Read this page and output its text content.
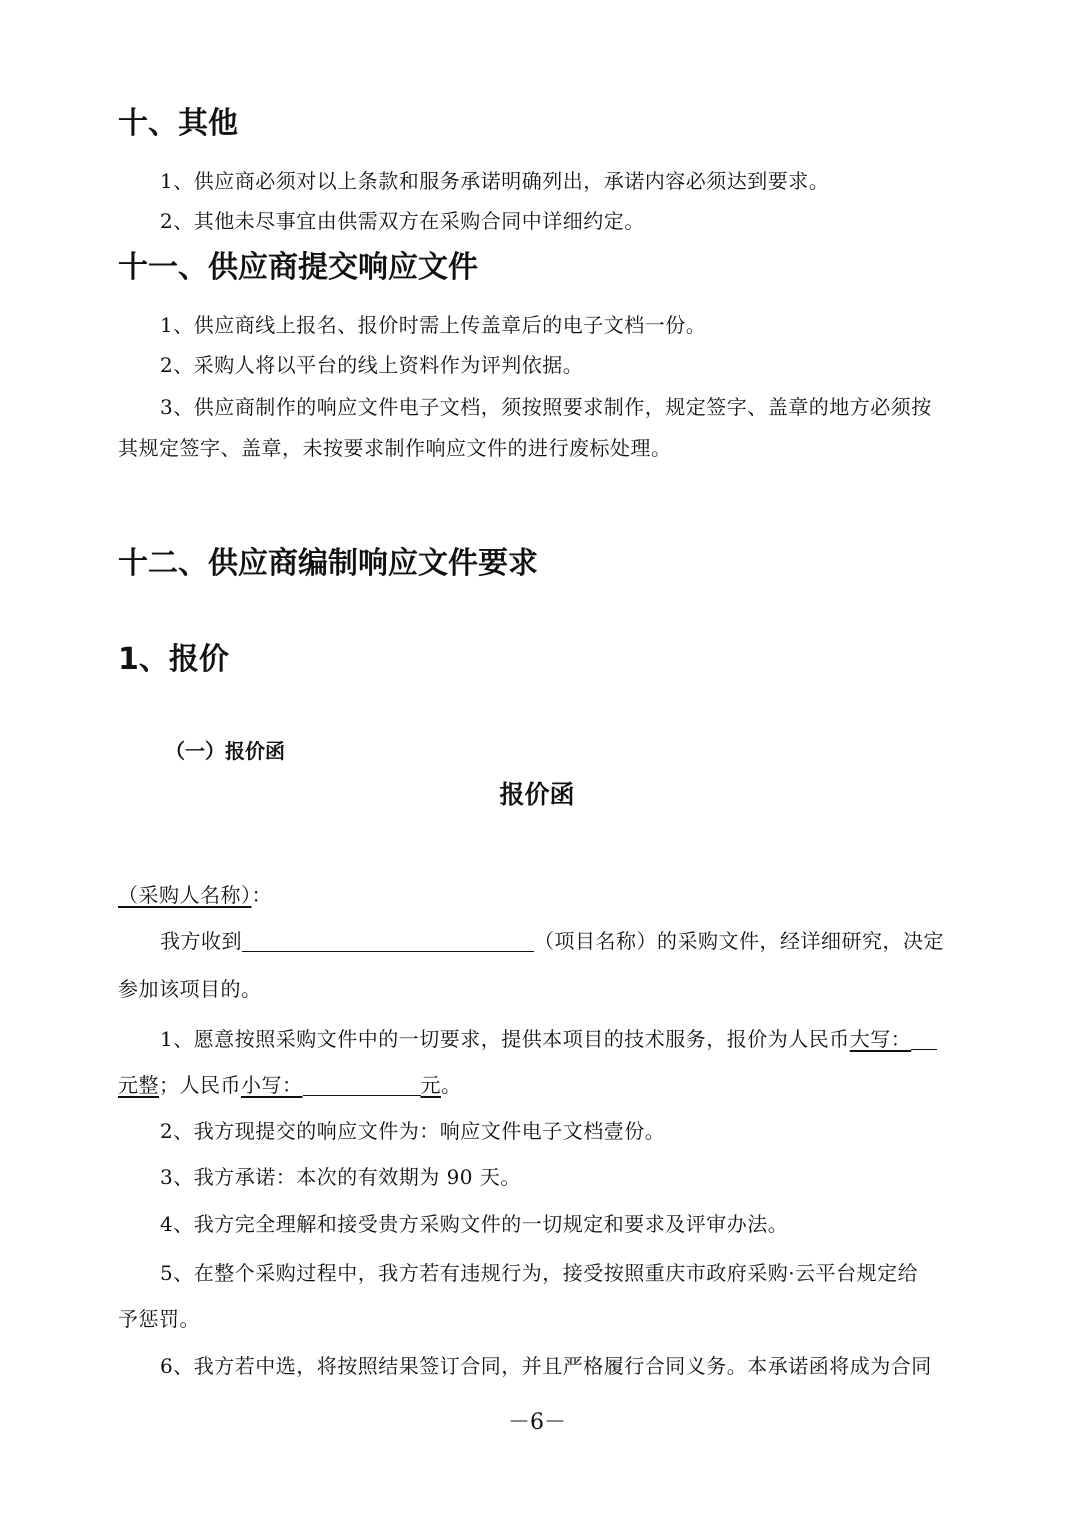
十、其他
1、供应商必须对以上条款和服务承诺明确列出，承诺内容必须达到要求。
2、其他未尽事宜由供需双方在采购合同中详细约定。
十一、供应商提交响应文件
1、供应商线上报名、报价时需上传盖章后的电子文档一份。
2、采购人将以平台的线上资料作为评判依据。
3、供应商制作的响应文件电子文档，须按照要求制作，规定签字、盖章的地方必须按
其规定签字、盖章，未按要求制作响应文件的进行废标处理。
十二、供应商编制响应文件要求
1、报价
（一）报价函
报价函
（采购人名称）：
我方收到	（项目名称）的采购文件，经详细研究，决定
参加该项目的。
1、愿意按照采购文件中的一切要求，提供本项目的技术服务，报价为人民币大写：
元整；人民币小写：	元。
2、我方现提交的响应文件为：响应文件电子文档壹份。
3、我方承诺：本次的有效期为 90 天。
4、我方完全理解和接受贵方采购文件的一切规定和要求及评审办法。
5、在整个采购过程中，我方若有违规行为，接受按照重庆市政府采购·云平台规定给
予惩罚。
6、我方若中选，将按照结果签订合同，并且严格履行合同义务。本承诺函将成为合同
－6－
